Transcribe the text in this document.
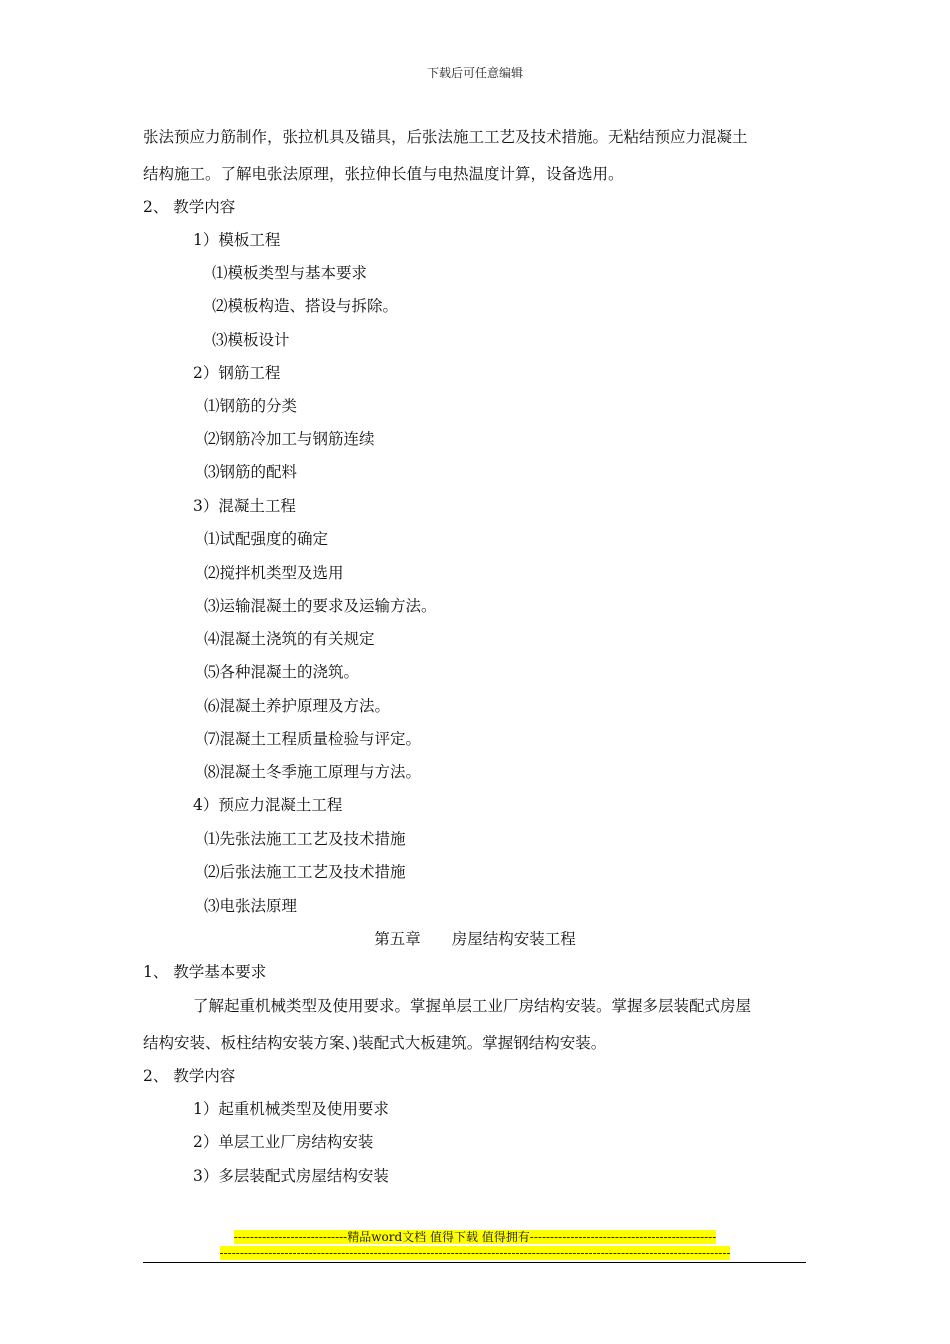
下载后可任意编辑
张法预应力筋制作，张拉机具及锚具，后张法施工工艺及技术措施。无粘结预应力混凝土
结构施工。了解电张法原理，张拉伸长值与电热温度计算，设备选用。
2、 教学内容
1）模板工程
⑴模板类型与基本要求
⑵模板构造、搭设与拆除。
⑶模板设计
2）钢筋工程
⑴钢筋的分类
⑵钢筋冷加工与钢筋连续
⑶钢筋的配料
3）混凝土工程
⑴试配强度的确定
⑵搅拌机类型及选用
⑶运输混凝土的要求及运输方法。
⑷混凝土浇筑的有关规定
⑸各种混凝土的浇筑。
⑹混凝土养护原理及方法。
⑺混凝土工程质量检验与评定。
⑻混凝土冬季施工原理与方法。
4）预应力混凝土工程
⑴先张法施工工艺及技术措施
⑵后张法施工工艺及技术措施
⑶电张法原理
第五章　　房屋结构安装工程
1、 教学基本要求
了解起重机械类型及使用要求。掌握单层工业厂房结构安装。掌握多层装配式房屋
结构安装、板柱结构安装方案、)装配式大板建筑。掌握钢结构安装。
2、 教学内容
1）起重机械类型及使用要求
2）单层工业厂房结构安装
3）多层装配式房屋结构安装
----------------------------精品word文档 值得下载 值得拥有----------------------------------------------
------------------------------------------------------------------------------------------------------------------------------
